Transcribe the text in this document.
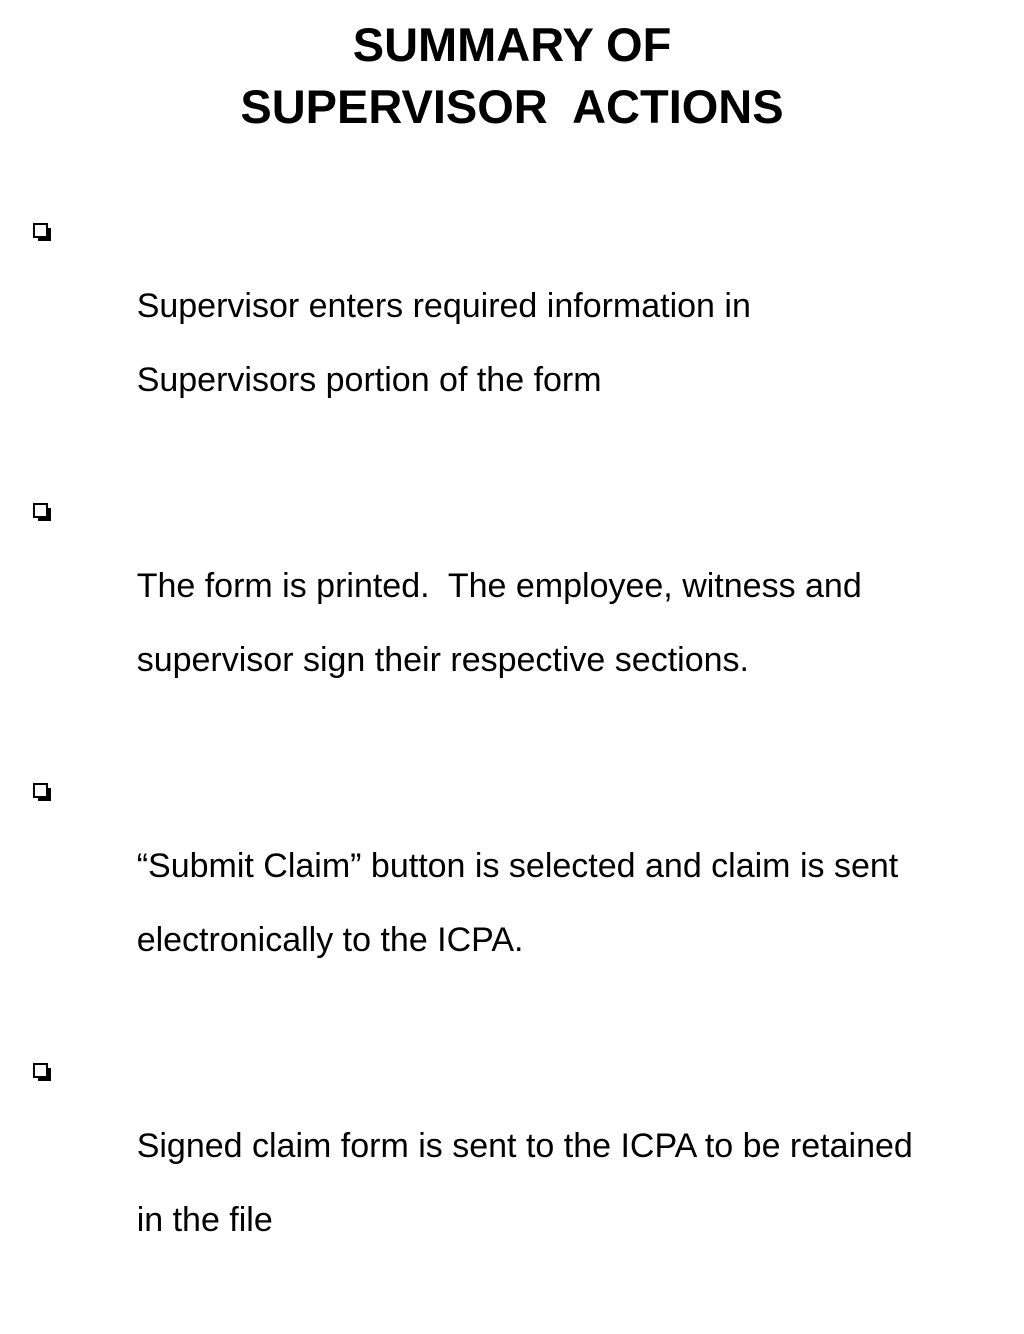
SUMMARY OF
SUPERVISOR  ACTIONS

Supervisor enters required information in

Supervisors portion of the form

The form is printed.  The employee, witness and

supervisor sign their respective sections.

“Submit Claim” button is selected and claim is sent

electronically to the ICPA.

Signed claim form is sent to the ICPA to be retained

in the file
